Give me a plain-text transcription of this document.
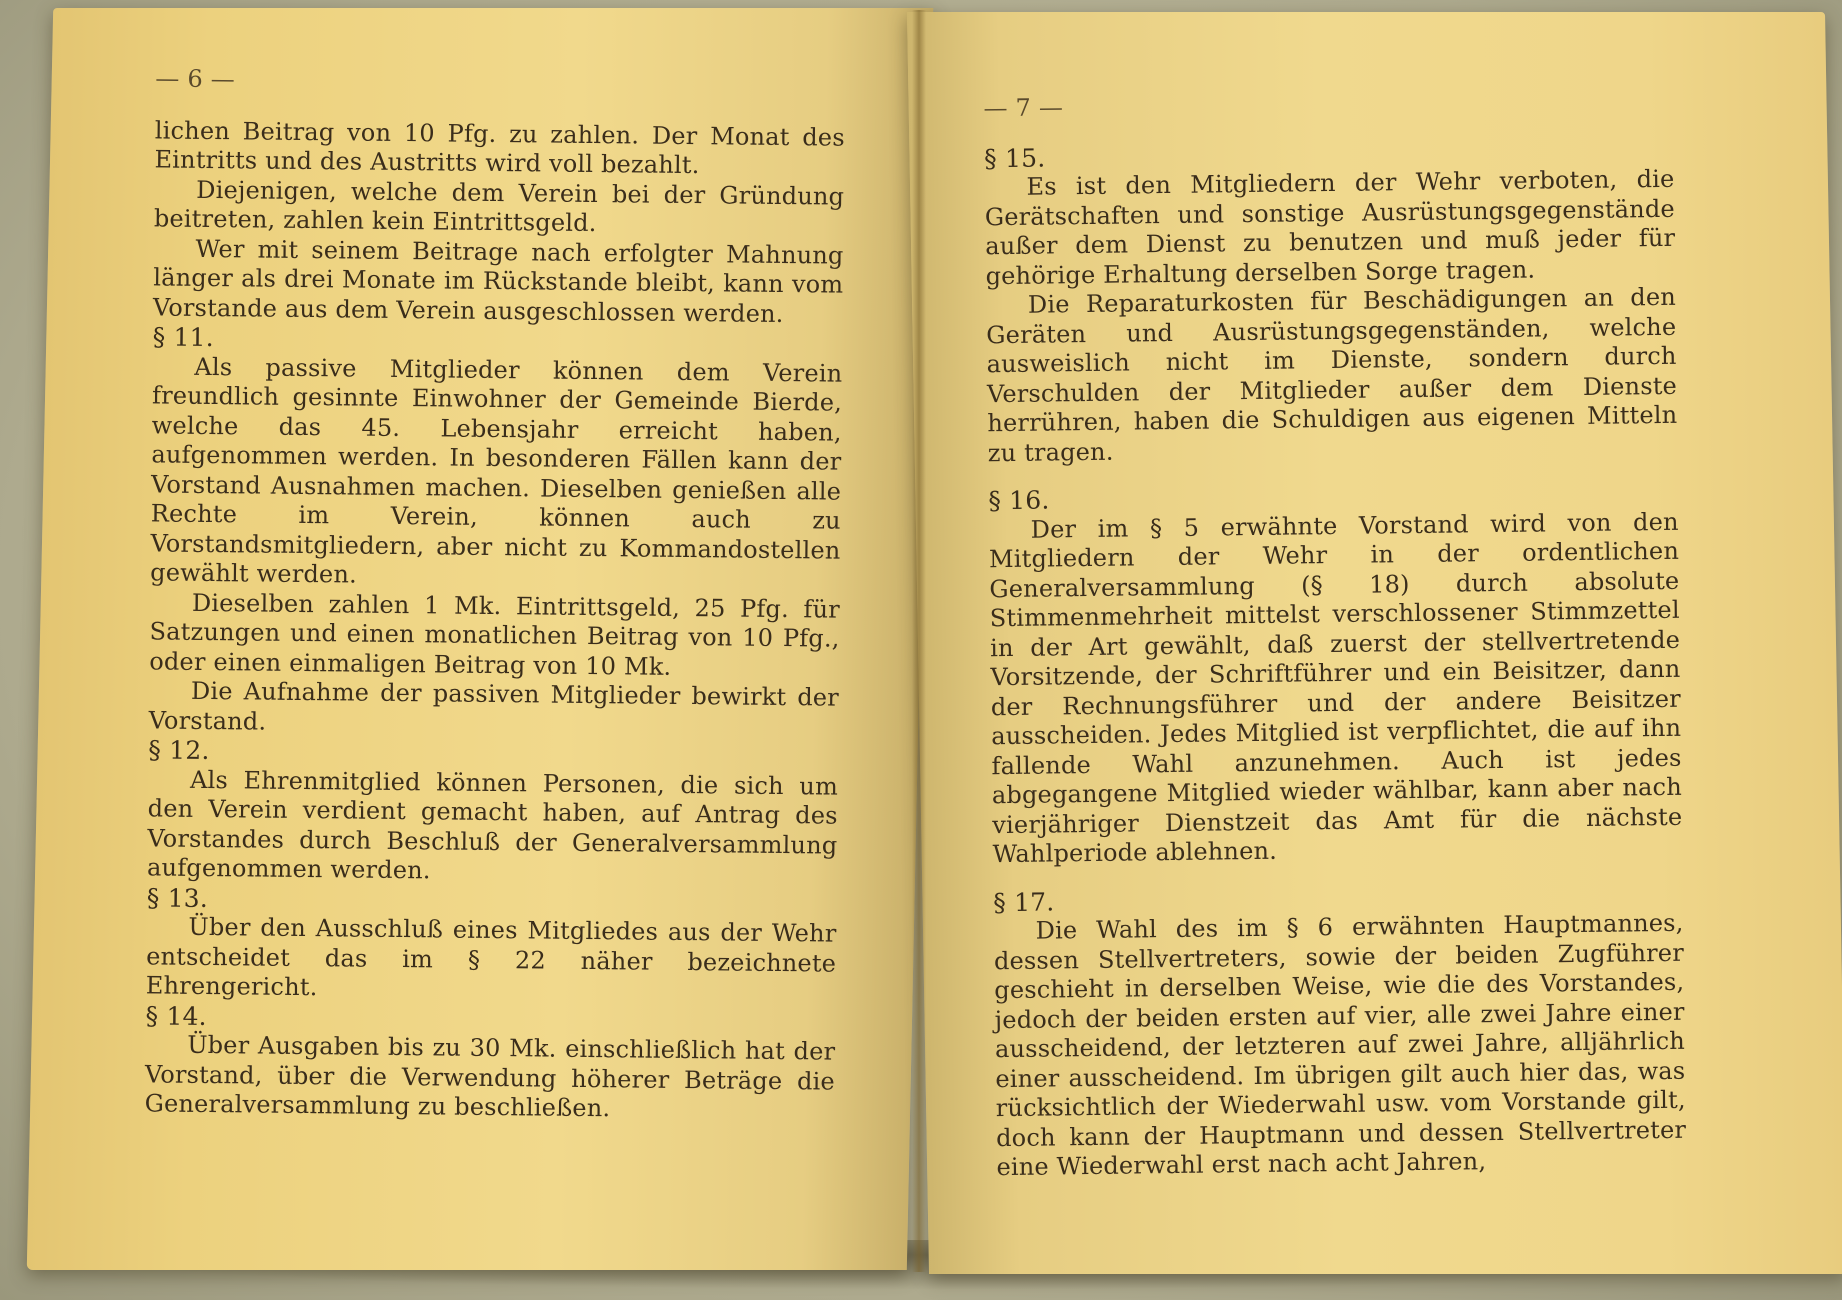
— 6 —

lichen Beitrag von 10 Pfg. zu zahlen. Der Monat des Eintritts und des Austritts wird voll bezahlt.

Diejenigen, welche dem Verein bei der Gründung beitreten, zahlen kein Eintrittsgeld.

Wer mit seinem Beitrage nach erfolgter Mahnung länger als drei Monate im Rückstande bleibt, kann vom Vorstande aus dem Verein ausgeschlossen werden.

§ 11.

Als passive Mitglieder können dem Verein freundlich gesinnte Einwohner der Gemeinde Bierde, welche das 45. Lebensjahr erreicht haben, aufgenommen werden. In besonderen Fällen kann der Vorstand Ausnahmen machen. Dieselben genießen alle Rechte im Verein, können auch zu Vorstandsmitgliedern, aber nicht zu Kommandostellen gewählt werden.

Dieselben zahlen 1 Mk. Eintrittsgeld, 25 Pfg. für Satzungen und einen monatlichen Beitrag von 10 Pfg., oder einen einmaligen Beitrag von 10 Mk.

Die Aufnahme der passiven Mitglieder bewirkt der Vorstand.

§ 12.

Als Ehrenmitglied können Personen, die sich um den Verein verdient gemacht haben, auf Antrag des Vorstandes durch Beschluß der Generalversammlung aufgenommen werden.

§ 13.

Über den Ausschluß eines Mitgliedes aus der Wehr entscheidet das im § 22 näher bezeichnete Ehrengericht.

§ 14.

Über Ausgaben bis zu 30 Mk. einschließlich hat der Vorstand, über die Verwendung höherer Beträge die Generalversammlung zu beschließen.

— 7 —

§ 15.

Es ist den Mitgliedern der Wehr verboten, die Gerätschaften und sonstige Ausrüstungsgegenstände außer dem Dienst zu benutzen und muß jeder für gehörige Erhaltung derselben Sorge tragen.

Die Reparaturkosten für Beschädigungen an den Geräten und Ausrüstungsgegenständen, welche ausweislich nicht im Dienste, sondern durch Verschulden der Mitglieder außer dem Dienste herrühren, haben die Schuldigen aus eigenen Mitteln zu tragen.

§ 16.

Der im § 5 erwähnte Vorstand wird von den Mitgliedern der Wehr in der ordentlichen Generalversammlung (§ 18) durch absolute Stimmenmehrheit mittelst verschlossener Stimmzettel in der Art gewählt, daß zuerst der stellvertretende Vorsitzende, der Schriftführer und ein Beisitzer, dann der Rechnungsführer und der andere Beisitzer ausscheiden. Jedes Mitglied ist verpflichtet, die auf ihn fallende Wahl anzunehmen. Auch ist jedes abgegangene Mitglied wieder wählbar, kann aber nach vierjähriger Dienstzeit das Amt für die nächste Wahlperiode ablehnen.

§ 17.

Die Wahl des im § 6 erwähnten Hauptmannes, dessen Stellvertreters, sowie der beiden Zugführer geschieht in derselben Weise, wie die des Vorstandes, jedoch der beiden ersten auf vier, alle zwei Jahre einer ausscheidend, der letzteren auf zwei Jahre, alljährlich einer ausscheidend. Im übrigen gilt auch hier das, was rücksichtlich der Wiederwahl usw. vom Vorstande gilt, doch kann der Hauptmann und dessen Stellvertreter eine Wiederwahl erst nach acht Jahren,
